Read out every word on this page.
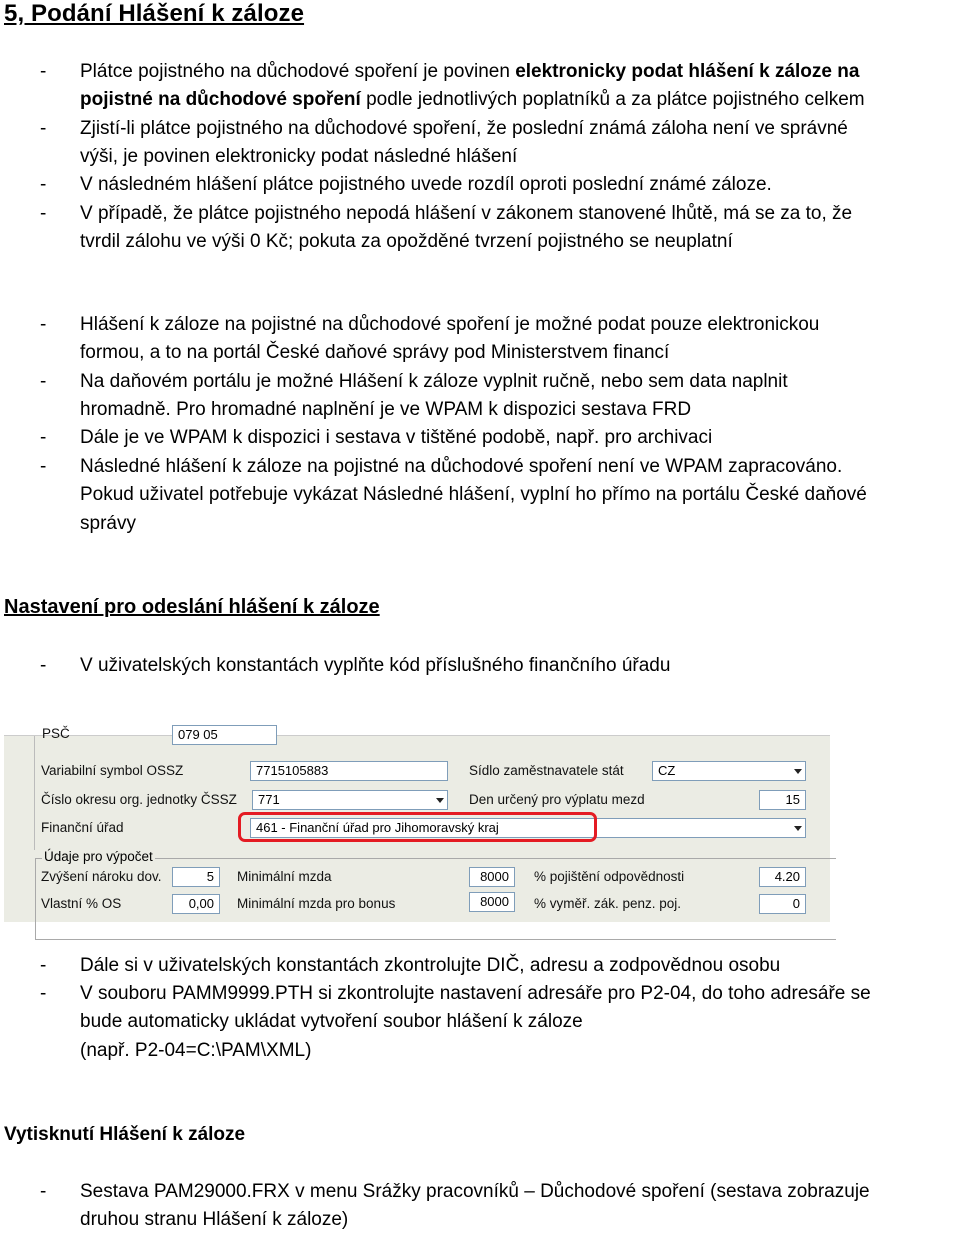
5, Podání Hlášení k záloze
- Plátce pojistného na důchodové spoření je povinen elektronicky podat hlášení k záloze na
pojistné na důchodové spoření podle jednotlivých poplatníků a za plátce pojistného celkem
- Zjistí-li plátce pojistného na důchodové spoření, že poslední známá záloha není ve správné
výši, je povinen elektronicky podat následné hlášení
- V následném hlášení plátce pojistného uvede rozdíl oproti poslední známé záloze.
- V případě, že plátce pojistného nepodá hlášení v zákonem stanovené lhůtě, má se za to, že
tvrdil zálohu ve výši 0 Kč; pokuta za opožděné tvrzení pojistného se neuplatní
- Hlášení k záloze na pojistné na důchodové spoření je možné podat pouze elektronickou
formou, a to na portál České daňové správy pod Ministerstvem financí
- Na daňovém portálu je možné Hlášení k záloze vyplnit ručně, nebo sem data naplnit
hromadně. Pro hromadné naplnění je ve WPAM k dispozici sestava FRD
- Dále je ve WPAM k dispozici i sestava v tištěné podobě, např. pro archivaci
- Následné hlášení k záloze na pojistné na důchodové spoření není ve WPAM zapracováno.
Pokud uživatel potřebuje vykázat Následné hlášení, vyplní ho přímo na portálu České daňové
správy
Nastavení pro odeslání hlášení k záloze
- V uživatelských konstantách vyplňte kód příslušného finančního úřadu
PSČ	079 05
Variabilní symbol OSSZ	7715105883	Sídlo zaměstnavatele stát	CZ
Číslo okresu org. jednotky ČSSZ	771	Den určený pro výplatu mezd	15
Finanční úřad	461 - Finanční úřad pro Jihomoravský kraj
Údaje pro výpočet
Zvýšení nároku dov.	5	Minimální mzda	8000	% pojištění odpovědnosti	4.20
Vlastní % OS	0,00	Minimální mzda pro bonus	8000	% vyměř. zák. penz. poj.	0
- Dále si v uživatelských konstantách zkontrolujte DIČ, adresu a zodpovědnou osobu
- V souboru PAMM9999.PTH si zkontrolujte nastavení adresáře pro P2-04, do toho adresáře se
bude automaticky ukládat vytvoření soubor hlášení k záloze
(např. P2-04=C:\PAM\XML)
Vytisknutí Hlášení k záloze
- Sestava PAM29000.FRX v menu Srážky pracovníků – Důchodové spoření (sestava zobrazuje
druhou stranu Hlášení k záloze)
